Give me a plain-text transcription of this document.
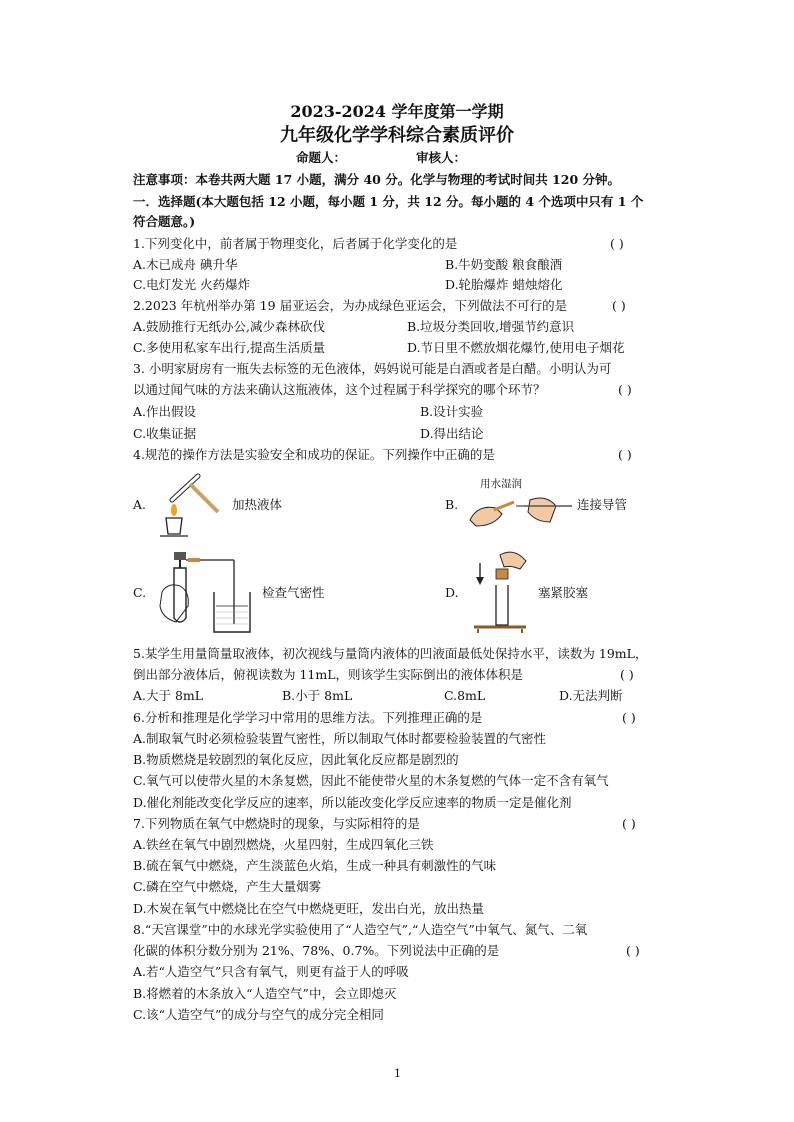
2023-2024 学年度第一学期
九年级化学学科综合素质评价
命题人：	审核人：
注意事项：本卷共两大题 17 小题，满分 40 分。化学与物理的考试时间共 120 分钟。
一．选择题(本大题包括 12 小题，每小题 1 分，共 12 分。每小题的 4 个选项中只有 1 个
符合题意。)
1.下列变化中，前者属于物理变化，后者属于化学变化的是	( )
A.木已成舟 碘升华	B.牛奶变酸 粮食酿酒
C.电灯发光 火药爆炸	D.轮胎爆炸 蜡烛熔化
2.2023 年杭州举办第 19 届亚运会，为办成绿色亚运会，下列做法不可行的是	( )
A.鼓励推行无纸办公,减少森林砍伐	B.垃圾分类回收,增强节约意识
C.多使用私家车出行,提高生活质量	D.节日里不燃放烟花爆竹,使用电子烟花
3. 小明家厨房有一瓶失去标签的无色液体，妈妈说可能是白酒或者是白醋。小明认为可
以通过闻气味的方法来确认这瓶液体，这个过程属于科学探究的哪个环节？	( )
A.作出假设	B.设计实验
C.收集证据	D.得出结论
4.规范的操作方法是实验安全和成功的保证。下列操作中正确的是	( )
A.	加热液体	B.
用水湿润
连接导管
C.	检查气密性	D.	塞紧胶塞
5.某学生用量筒量取液体，初次视线与量筒内液体的凹液面最低处保持水平，读数为 19mL，
倒出部分液体后，俯视读数为 11mL，则该学生实际倒出的液体体积是	( )
A.大于 8mL	B.小于 8mL	C.8mL	D.无法判断
6.分析和推理是化学学习中常用的思维方法。下列推理正确的是	( )
A.制取氧气时必须检验装置气密性，所以制取气体时都要检验装置的气密性
B.物质燃烧是较剧烈的氧化反应，因此氧化反应都是剧烈的
C.氧气可以使带火星的木条复燃，因此不能使带火星的木条复燃的气体一定不含有氧气
D.催化剂能改变化学反应的速率，所以能改变化学反应速率的物质一定是催化剂
7.下列物质在氧气中燃烧时的现象，与实际相符的是	( )
A.铁丝在氧气中剧烈燃烧，火星四射，生成四氧化三铁
B.硫在氧气中燃烧，产生淡蓝色火焰，生成一种具有刺激性的气味
C.磷在空气中燃烧，产生大量烟雾
D.木炭在氧气中燃烧比在空气中燃烧更旺，发出白光，放出热量
8.“天宫课堂”中的水球光学实验使用了“人造空气”,“人造空气”中氧气、氮气、二氧
化碳的体积分数分别为 21%、78%、0.7%。下列说法中正确的是	( )
A.若“人造空气”只含有氧气，则更有益于人的呼吸
B.将燃着的木条放入“人造空气”中，会立即熄灭
C.该“人造空气”的成分与空气的成分完全相同
1
